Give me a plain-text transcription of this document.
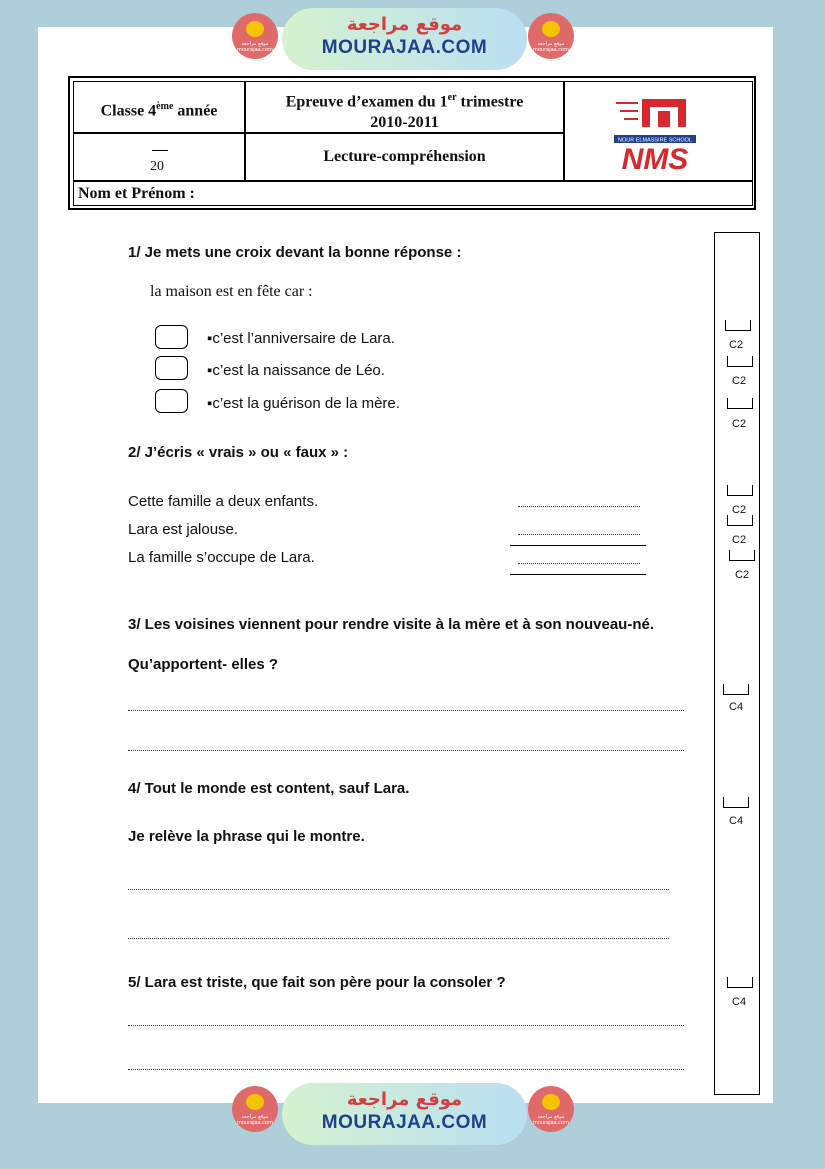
موقع مراجعة mourajaa.com
موقع مراجعة
MOURAJAA.COM	موقع مراجعة mourajaa.com
Classe 4ème année
Epreuve d’examen du 1er trimestre
2010-2011
20
Lecture-compréhension
Nom et Prénom :
NOUR ELMASSIRE SCHOOL
NMS
1/ Je mets une croix devant la bonne réponse :
la maison est en fête car :
▪c’est l’anniversaire de Lara.
▪c’est la naissance de Léo.
▪c’est la guérison de la mère.
2/ J’écris « vrais » ou « faux » :
Cette famille a deux enfants.
Lara est jalouse.
La famille s’occupe de Lara.
3/ Les voisines viennent pour rendre visite à la mère et à son nouveau-né.
Qu’apportent- elles ?
4/ Tout le monde est content, sauf Lara.
Je relève la phrase qui le montre.
5/ Lara est triste, que fait son père pour la consoler ?
C2
C2
C2
C2
C2
C2
C4
C4
C4
موقع مراجعة mourajaa.com
موقع مراجعة
MOURAJAA.COM	موقع مراجعة mourajaa.com
